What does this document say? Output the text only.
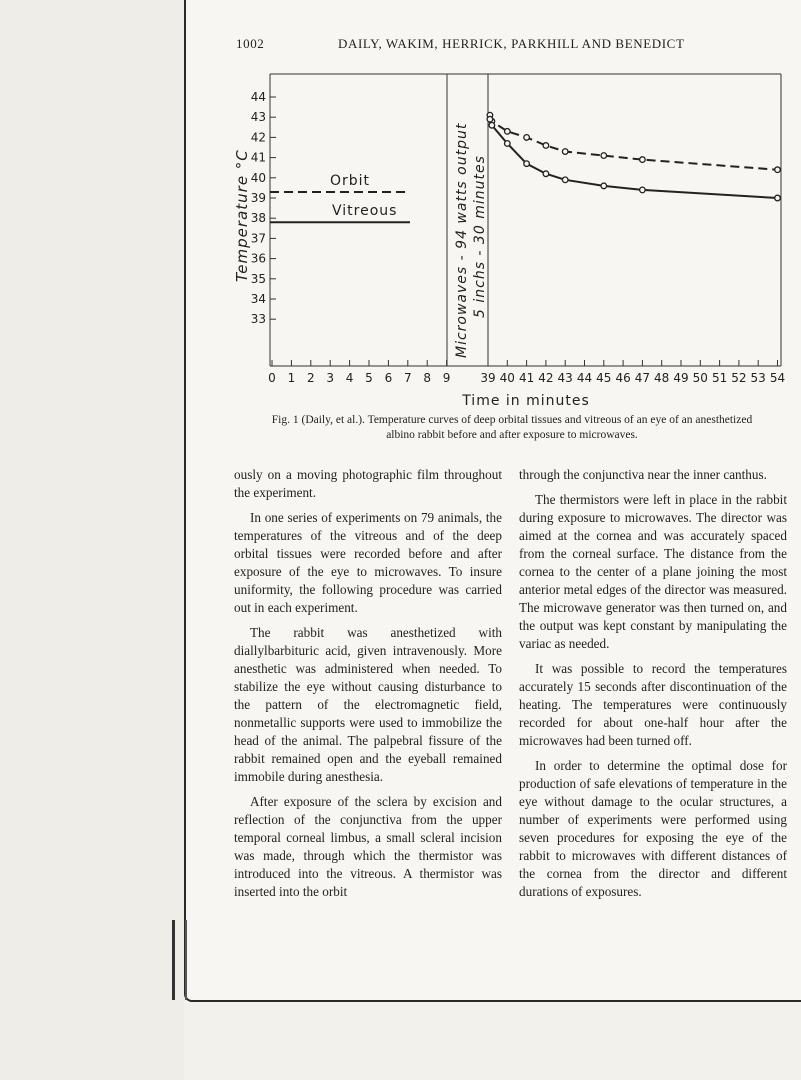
1002	DAILY, WAKIM, HERRICK, PARKHILL AND BENEDICT
33
34
35
36
37
38
39
40
41
42
43
44
0 1 2 3 4 5 6 7 8 9 39 40 41 42 43 44 45 46 47 48 49 50 51 52 53 54
Orbit
Vitreous	Microwaves - 94 watts output 5 inchs - 30 minutes
Temperature °C
Time in minutes
Fig. 1 (Daily, et al.). Temperature curves of deep orbital tissues and vitreous of an eye of an anesthetized
albino rabbit before and after exposure to microwaves.

ously on a moving photographic film throughout the experiment.

In one series of experiments on 79 animals, the temperatures of the vitreous and of the deep orbital tissues were recorded before and after exposure of the eye to microwaves. To insure uniformity, the following procedure was carried out in each experiment.

The rabbit was anesthetized with diallylbarbituric acid, given intravenously. More anesthetic was administered when needed. To stabilize the eye without causing disturbance to the pattern of the electromagnetic field, nonmetallic supports were used to immobilize the head of the animal. The palpebral fissure of the rabbit remained open and the eyeball remained immobile during anesthesia.

After exposure of the sclera by excision and reflection of the conjunctiva from the upper temporal corneal limbus, a small scleral incision was made, through which the thermistor was introduced into the vitreous. A thermistor was inserted into the orbit

through the conjunctiva near the inner canthus.

The thermistors were left in place in the rabbit during exposure to microwaves. The director was aimed at the cornea and was accurately spaced from the corneal surface. The distance from the cornea to the center of a plane joining the most anterior metal edges of the director was measured. The microwave generator was then turned on, and the output was kept constant by manipulating the variac as needed.

It was possible to record the temperatures accurately 15 seconds after discontinuation of the heating. The temperatures were continuously recorded for about one-half hour after the microwaves had been turned off.

In order to determine the optimal dose for production of safe elevations of temperature in the eye without damage to the ocular structures, a number of experiments were performed using seven procedures for exposing the eye of the rabbit to microwaves with different distances of the cornea from the director and different durations of exposures.
